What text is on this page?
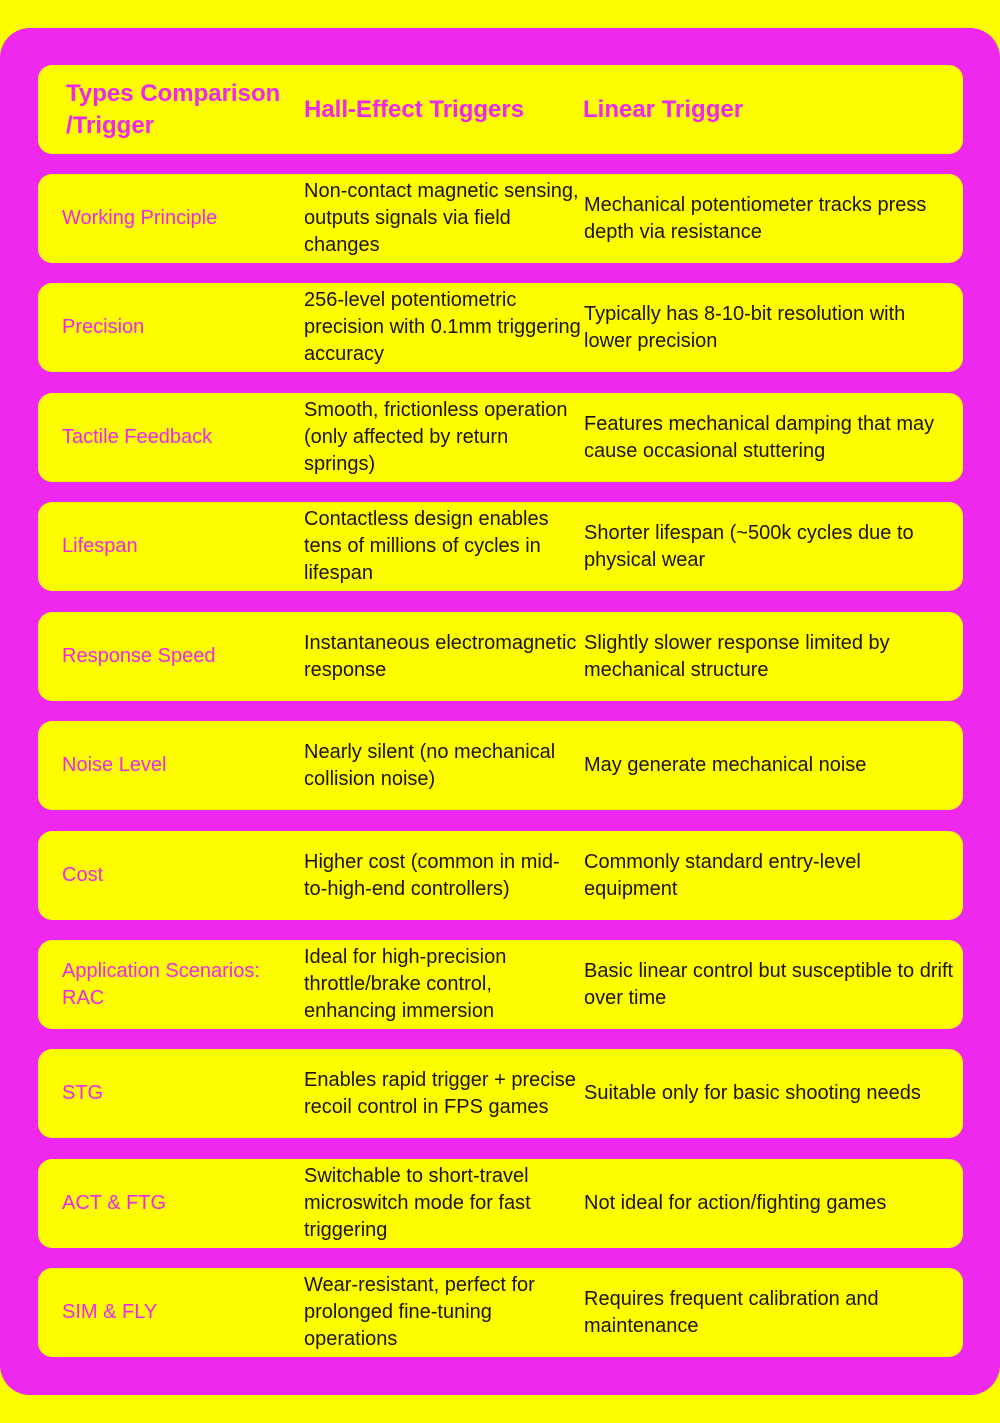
Types Comparison /Trigger
Hall-Effect Triggers	Linear Trigger
Working Principle
Non-contact magnetic sensing, outputs signals via field changes
Mechanical potentiometer tracks press depth via resistance
Precision
256-level potentiometric precision with 0.1mm triggering accuracy
Typically has 8-10-bit resolution with lower precision
Tactile Feedback
Smooth, frictionless operation (only affected by return springs)
Features mechanical damping that may cause occasional stuttering
Lifespan
Contactless design enables tens of millions of cycles in lifespan
Shorter lifespan (~500k cycles due to physical wear
Response Speed
Instantaneous electromagnetic response
Slightly slower response limited by mechanical structure
Noise Level
Nearly silent (no mechanical collision noise)
May generate mechanical noise
Cost
Higher cost (common in mid-to-high-end controllers)
Commonly standard entry-level equipment
Application Scenarios: RAC
Ideal for high-precision throttle/brake control, enhancing immersion
Basic linear control but susceptible to drift over time
STG
Enables rapid trigger + precise recoil control in FPS games
Suitable only for basic shooting needs
ACT & FTG
Switchable to short-travel microswitch mode for fast triggering
Not ideal for action/fighting games
SIM & FLY
Wear-resistant, perfect for prolonged fine-tuning operations
Requires frequent calibration and maintenance
